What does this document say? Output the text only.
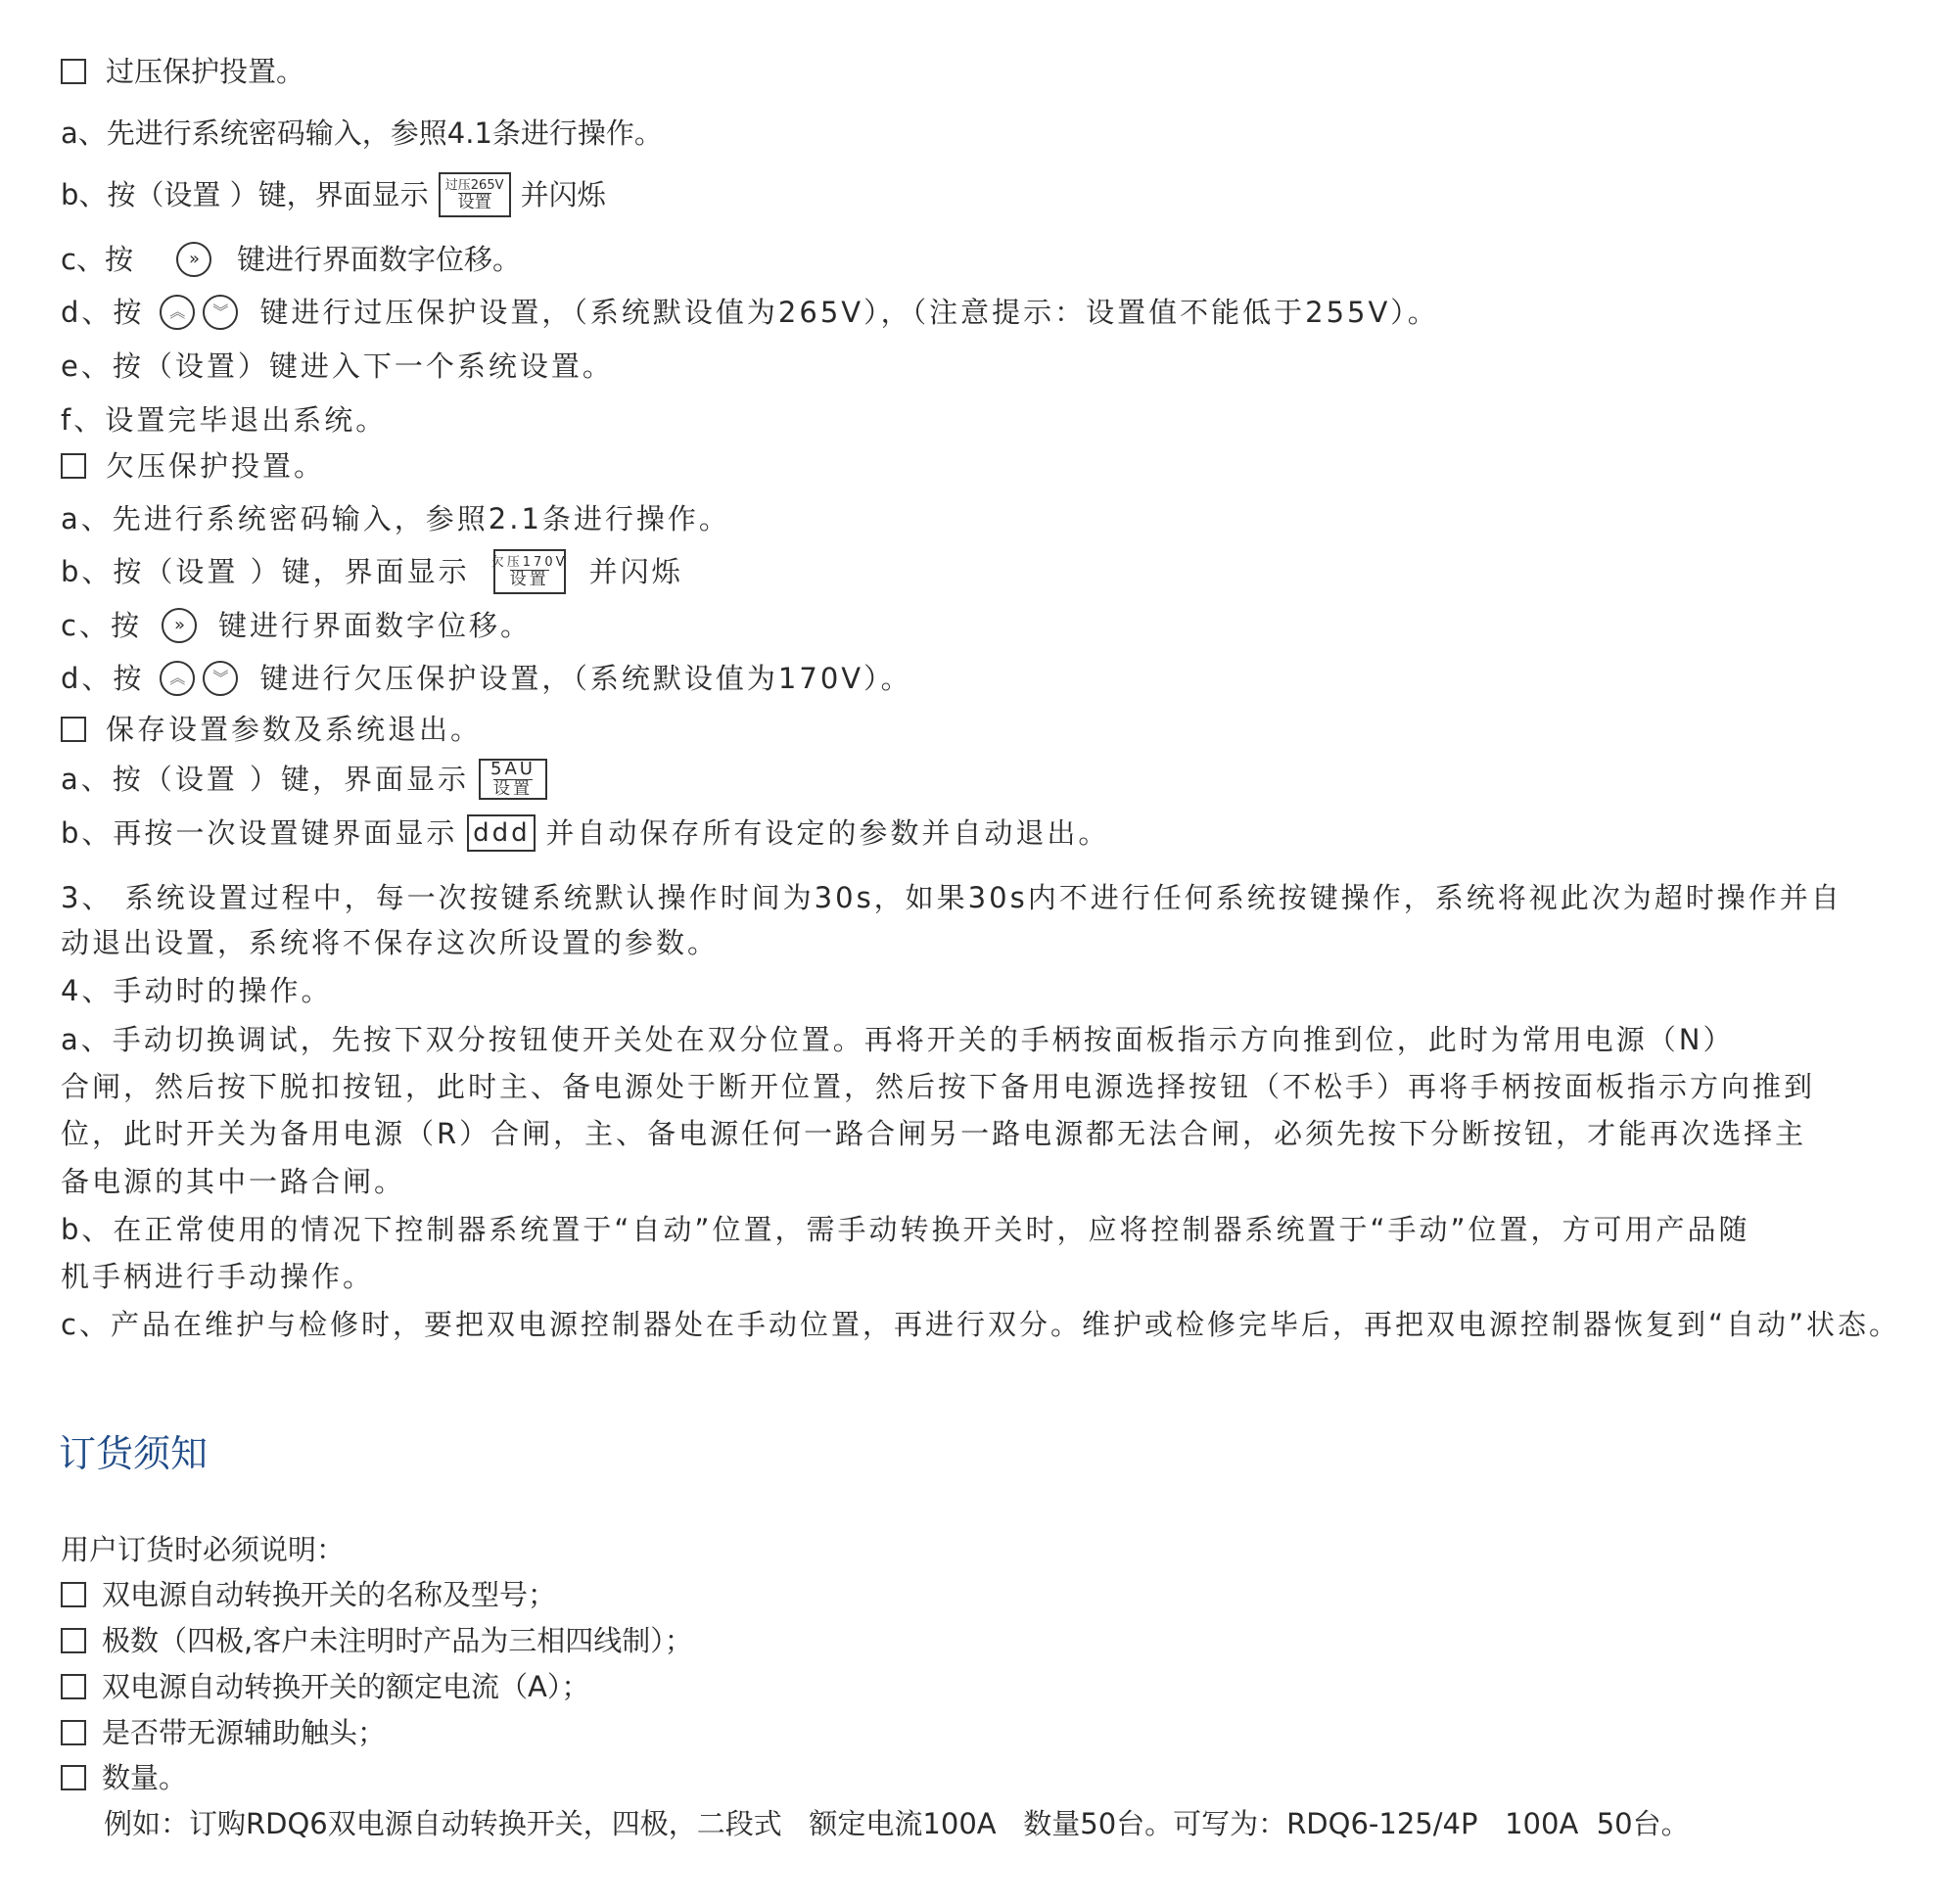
过压保护投置。
a、先进行系统密码输入，参照4.1条进行操作。
b、按（设置 ）键，界面显示 过压265V
设置 并闪烁
c、按	»	键进行界面数字位移。
d、按	︽	︾	键进行过压保护设置，（系统默设值为265V），（注意提示：设置值不能低于255V）。
e、按（设置）键进入下一个系统设置。
f、设置完毕退出系统。
欠压保护投置。
a、先进行系统密码输入，参照2.1条进行操作。
b、按（设置 ）键，界面显示 欠压170V
设置 并闪烁
c、按	»	键进行界面数字位移。
d、按	︽	︾	键进行欠压保护设置，（系统默设值为170V）。
保存设置参数及系统退出。
a、按（设置 ）键，界面显示 5AU
设置
b、再按一次设置键界面显示 ddd 并自动保存所有设定的参数并自动退出。
3、 系统设置过程中，每一次按键系统默认操作时间为30s，如果30s内不进行任何系统按键操作，系统将视此次为超时操作并自
动退出设置，系统将不保存这次所设置的参数。
4、手动时的操作。
a、手动切换调试，先按下双分按钮使开关处在双分位置。再将开关的手柄按面板指示方向推到位，此时为常用电源（N）
合闸，然后按下脱扣按钮，此时主、备电源处于断开位置，然后按下备用电源选择按钮（不松手）再将手柄按面板指示方向推到
位，此时开关为备用电源（R）合闸，主、备电源任何一路合闸另一路电源都无法合闸，必须先按下分断按钮，才能再次选择主
备电源的其中一路合闸。
b、在正常使用的情况下控制器系统置于“自动”位置，需手动转换开关时，应将控制器系统置于“手动”位置，方可用产品随
机手柄进行手动操作。
c、产品在维护与检修时，要把双电源控制器处在手动位置，再进行双分。维护或检修完毕后，再把双电源控制器恢复到“自动”状态。
订货须知
用户订货时必须说明：
双电源自动转换开关的名称及型号；
极数（四极,客户未注明时产品为三相四线制）；
双电源自动转换开关的额定电流（A）；
是否带无源辅助触头；
数量。
例如：订购RDQ6双电源自动转换开关，四极，二段式   额定电流100A   数量50台。可写为：RDQ6-125/4P   100A  50台。
